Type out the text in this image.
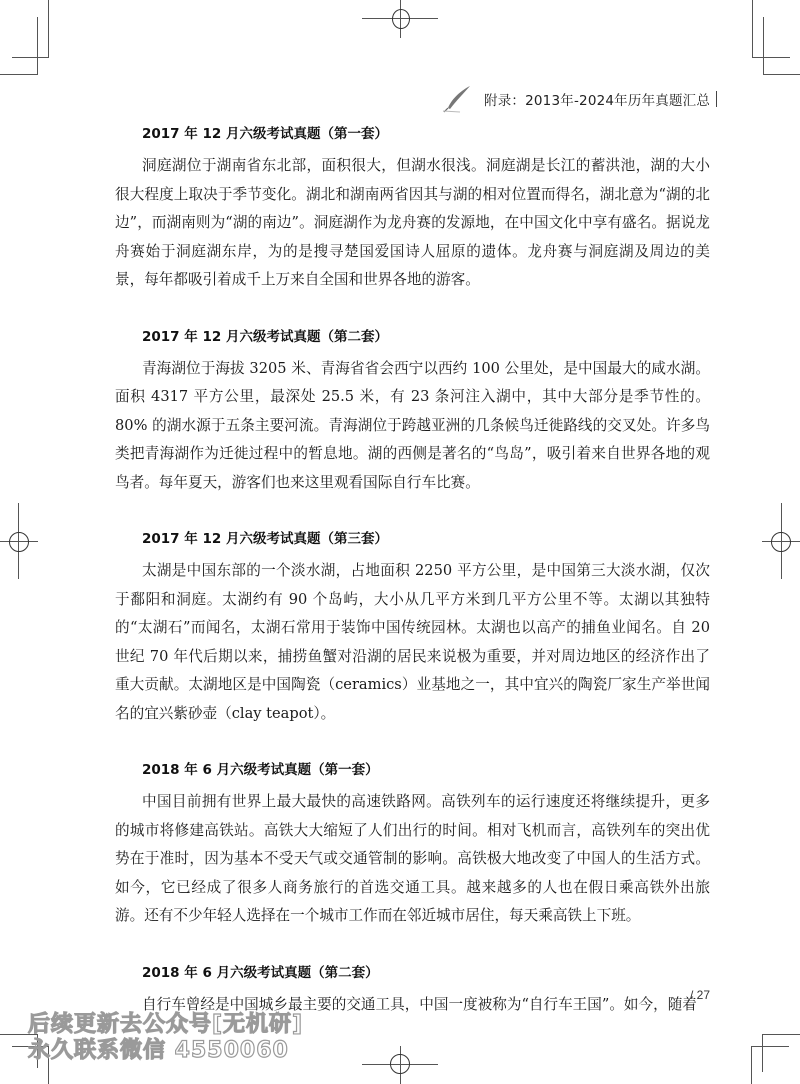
附录：2013年-2024年历年真题汇总
2017 年 12 月六级考试真题（第一套）

洞庭湖位于湖南省东北部，面积很大，但湖水很浅。洞庭湖是长江的蓄洪池，湖的大小很大程度上取决于季节变化。湖北和湖南两省因其与湖的相对位置而得名，湖北意为“湖的北边”，而湖南则为“湖的南边”。洞庭湖作为龙舟赛的发源地，在中国文化中享有盛名。据说龙舟赛始于洞庭湖东岸，为的是搜寻楚国爱国诗人屈原的遗体。龙舟赛与洞庭湖及周边的美景，每年都吸引着成千上万来自全国和世界各地的游客。

2017 年 12 月六级考试真题（第二套）

青海湖位于海拔 3205 米、青海省省会西宁以西约 100 公里处，是中国最大的咸水湖。面积 4317 平方公里，最深处 25.5 米，有 23 条河注入湖中，其中大部分是季节性的。80% 的湖水源于五条主要河流。青海湖位于跨越亚洲的几条候鸟迁徙路线的交叉处。许多鸟类把青海湖作为迁徙过程中的暂息地。湖的西侧是著名的“鸟岛”，吸引着来自世界各地的观鸟者。每年夏天，游客们也来这里观看国际自行车比赛。

2017 年 12 月六级考试真题（第三套）

太湖是中国东部的一个淡水湖，占地面积 2250 平方公里，是中国第三大淡水湖，仅次于鄱阳和洞庭。太湖约有 90 个岛屿，大小从几平方米到几平方公里不等。太湖以其独特的“太湖石”而闻名，太湖石常用于装饰中国传统园林。太湖也以高产的捕鱼业闻名。自 20 世纪 70 年代后期以来，捕捞鱼蟹对沿湖的居民来说极为重要，并对周边地区的经济作出了重大贡献。太湖地区是中国陶瓷（ceramics）业基地之一，其中宜兴的陶瓷厂家生产举世闻名的宜兴紫砂壶（clay teapot）。

2018 年 6 月六级考试真题（第一套）

中国目前拥有世界上最大最快的高速铁路网。高铁列车的运行速度还将继续提升，更多的城市将修建高铁站。高铁大大缩短了人们出行的时间。相对飞机而言，高铁列车的突出优势在于准时，因为基本不受天气或交通管制的影响。高铁极大地改变了中国人的生活方式。如今，它已经成了很多人商务旅行的首选交通工具。越来越多的人也在假日乘高铁外出旅游。还有不少年轻人选择在一个城市工作而在邻近城市居住，每天乘高铁上下班。

2018 年 6 月六级考试真题（第二套）

自行车曾经是中国城乡最主要的交通工具，中国一度被称为“自行车王国”。如今，随着

/ 27
后续更新去公众号[无机研]
永久联系微信 4550060
